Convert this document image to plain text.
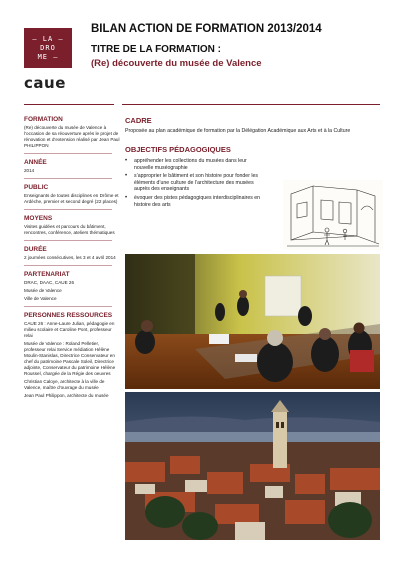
– LA –
DRO
ME –
caue
BILAN ACTION DE FORMATION 2013/2014
TITRE DE LA FORMATION :
(Re) découverte du musée de Valence
FORMATION
(Re) découverte du musée de Valence à l’occasion de sa réouverture après le projet de rénovation et d’extension réalisé par Jean Paul PHILIPPON
ANNÉE
2014
PUBLIC
Enseignants de toutes disciplines en Drôme et Ardèche, premier et second degré (22 places)
MOYENS
Visites guidées et parcours du bâtiment, rencontres, conférence, ateliers thématiques
DURÉE
2 journées consécutives, les 3 et 4 avril 2014
PARTENARIAT
DRAC, DAAC, CAUE 26
Musée de Valence
Ville de Valence
PERSONNES RESSOURCES
CAUE 26 : Anne-Laure Julian, pédagogie en milieu scolaire et Caroline Pont, professeur relai
Musée de Valence : Roland Pelletier, professeur relai Service médiation Hélène Moulin-Stanislas, Directrice Conservateur en chef du patrimoine Pascale Soleil, Directrice adjointe, Conservateur du patrimoine Hélène Roussel, chargée de la Régie des oeuvres
Christian Caloye, architecte à la ville de Valence, maître d’ouvrage du musée
Jean Paul Philippon, architecte du musée
CADRE
Proposée au plan académique de formation par la Délégation Académique aux Arts et à la Culture
OBJECTIFS PÉDAGOGIQUES
• appréhender les collections du musées dans leur nouvelle muséographie
• s’approprier le bâtiment et son histoire pour fonder les éléments d’une culture de l’architecture des musées auprès des enseignants
• évoquer des pistes pédagogiques interdisciplinaires en histoire des arts
